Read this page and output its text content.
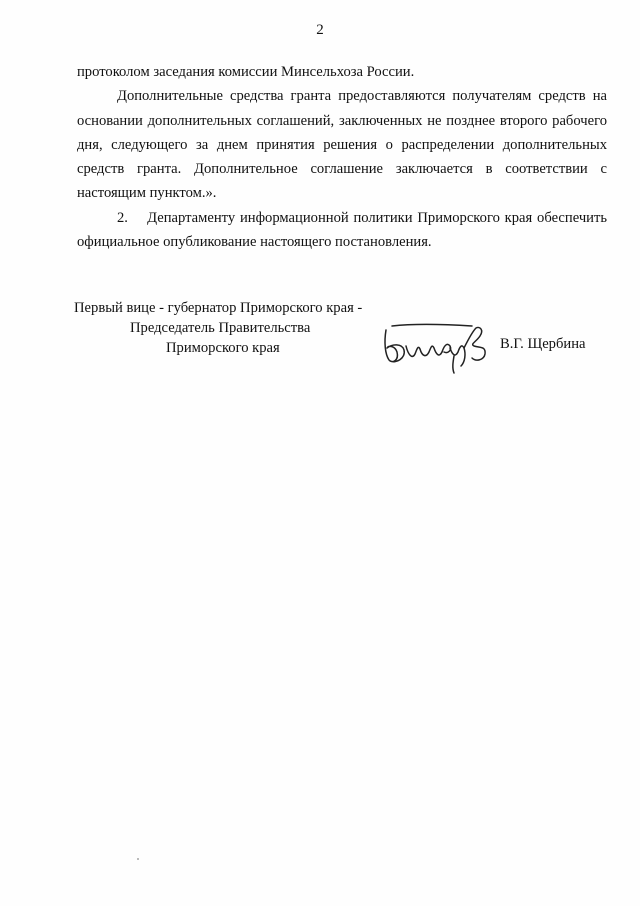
2

протоколом заседания комиссии Минсельхоза России.

Дополнительные средства гранта предоставляются получателям средств на основании дополнительных соглашений, заключенных не позднее второго рабочего дня, следующего за днем принятия решения о распределении дополнительных средств гранта. Дополнительное соглашение заключается в соответствии с настоящим пунктом.».

2.    Департаменту информационной политики Приморского края обеспечить официальное опубликование настоящего постановления.

Первый вице - губернатор Приморского края -
Председатель Правительства
Приморского края	В.Г. Щербина
